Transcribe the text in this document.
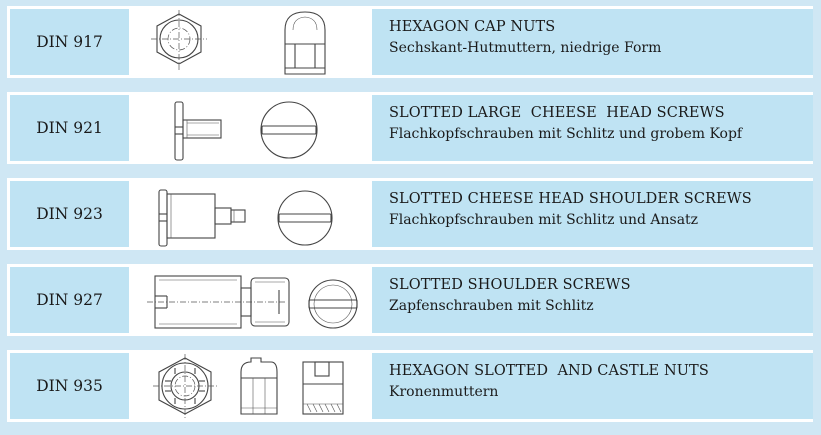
DIN 917
HEXAGON CAP NUTS
Sechskant-Hutmuttern, niedrige Form
DIN 921
SLOTTED LARGE  CHEESE  HEAD SCREWS
Flachkopfschrauben mit Schlitz und grobem Kopf
DIN 923
SLOTTED CHEESE HEAD SHOULDER SCREWS
Flachkopfschrauben mit Schlitz und Ansatz
DIN 927
SLOTTED SHOULDER SCREWS
Zapfenschrauben mit Schlitz
DIN 935
HEXAGON SLOTTED  AND CASTLE NUTS
Kronenmuttern
